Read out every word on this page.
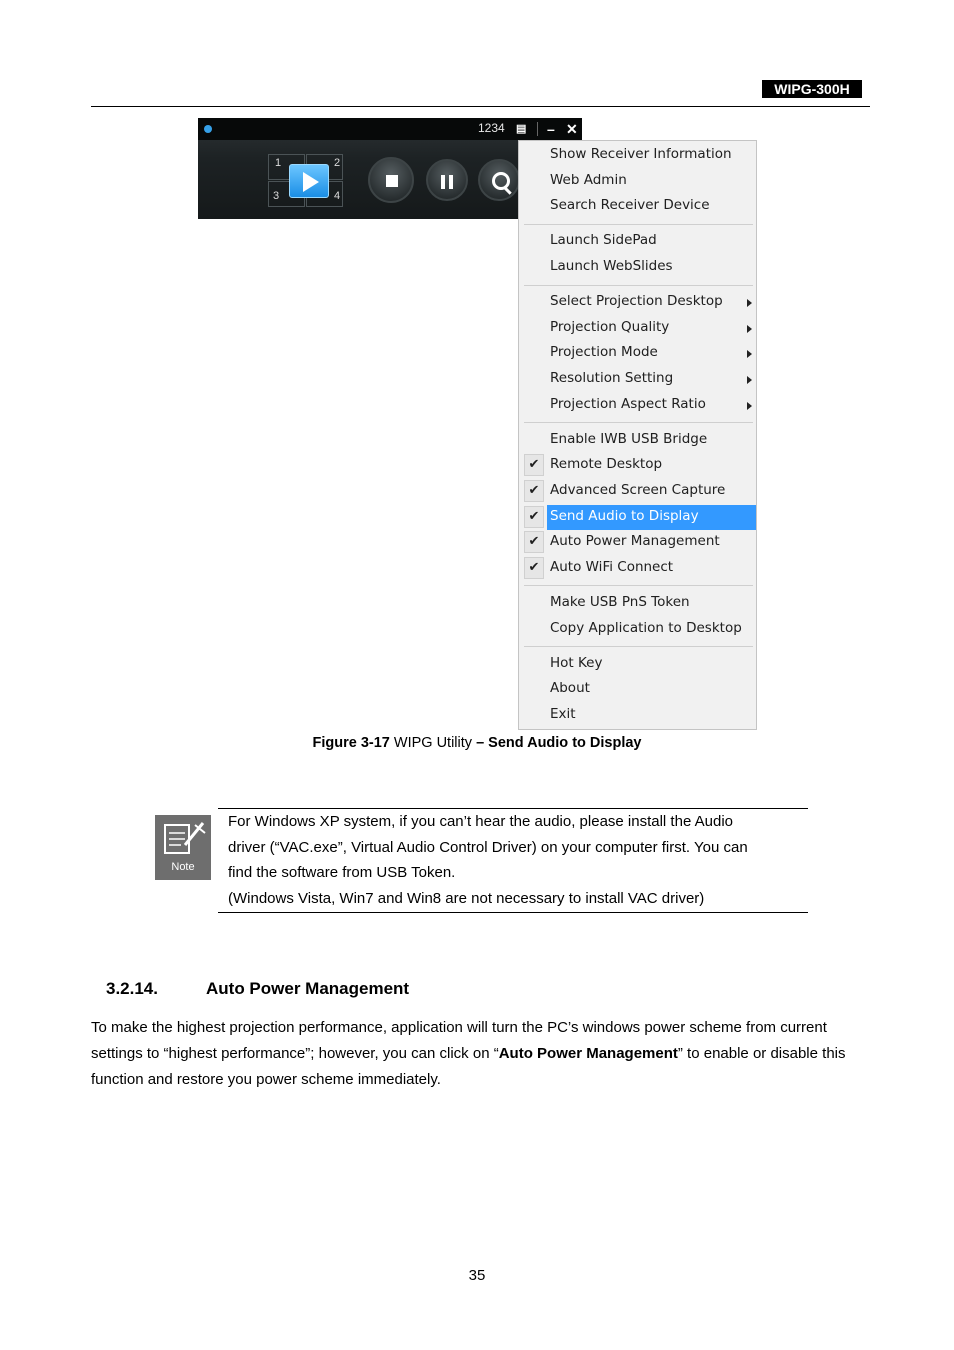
WIPG-300H
1234 ▤ – ✕
1	2
3	4
Show Receiver Information
Web Admin
Search Receiver Device
Launch SidePad
Launch WebSlides
Select Projection Desktop
Projection Quality
Projection Mode
Resolution Setting
Projection Aspect Ratio
Enable IWB USB Bridge
✔ Remote Desktop
✔ Advanced Screen Capture
✔ Send Audio to Display
✔ Auto Power Management
✔ Auto WiFi Connect
Make USB PnS Token
Copy Application to Desktop
Hot Key
About
Exit
Figure 3-17 WIPG Utility – Send Audio to Display
Note
For Windows XP system, if you can’t hear the audio, please install the Audio
driver (“VAC.exe”, Virtual Audio Control Driver) on your computer first. You can
find the software from USB Token.
(Windows Vista, Win7 and Win8 are not necessary to install VAC driver)
3.2.14.	Auto Power Management
To make the highest projection performance, application will turn the PC’s windows power scheme from current settings to “highest performance”; however, you can click on “Auto Power Management” to enable or disable this function and restore you power scheme immediately.
35
